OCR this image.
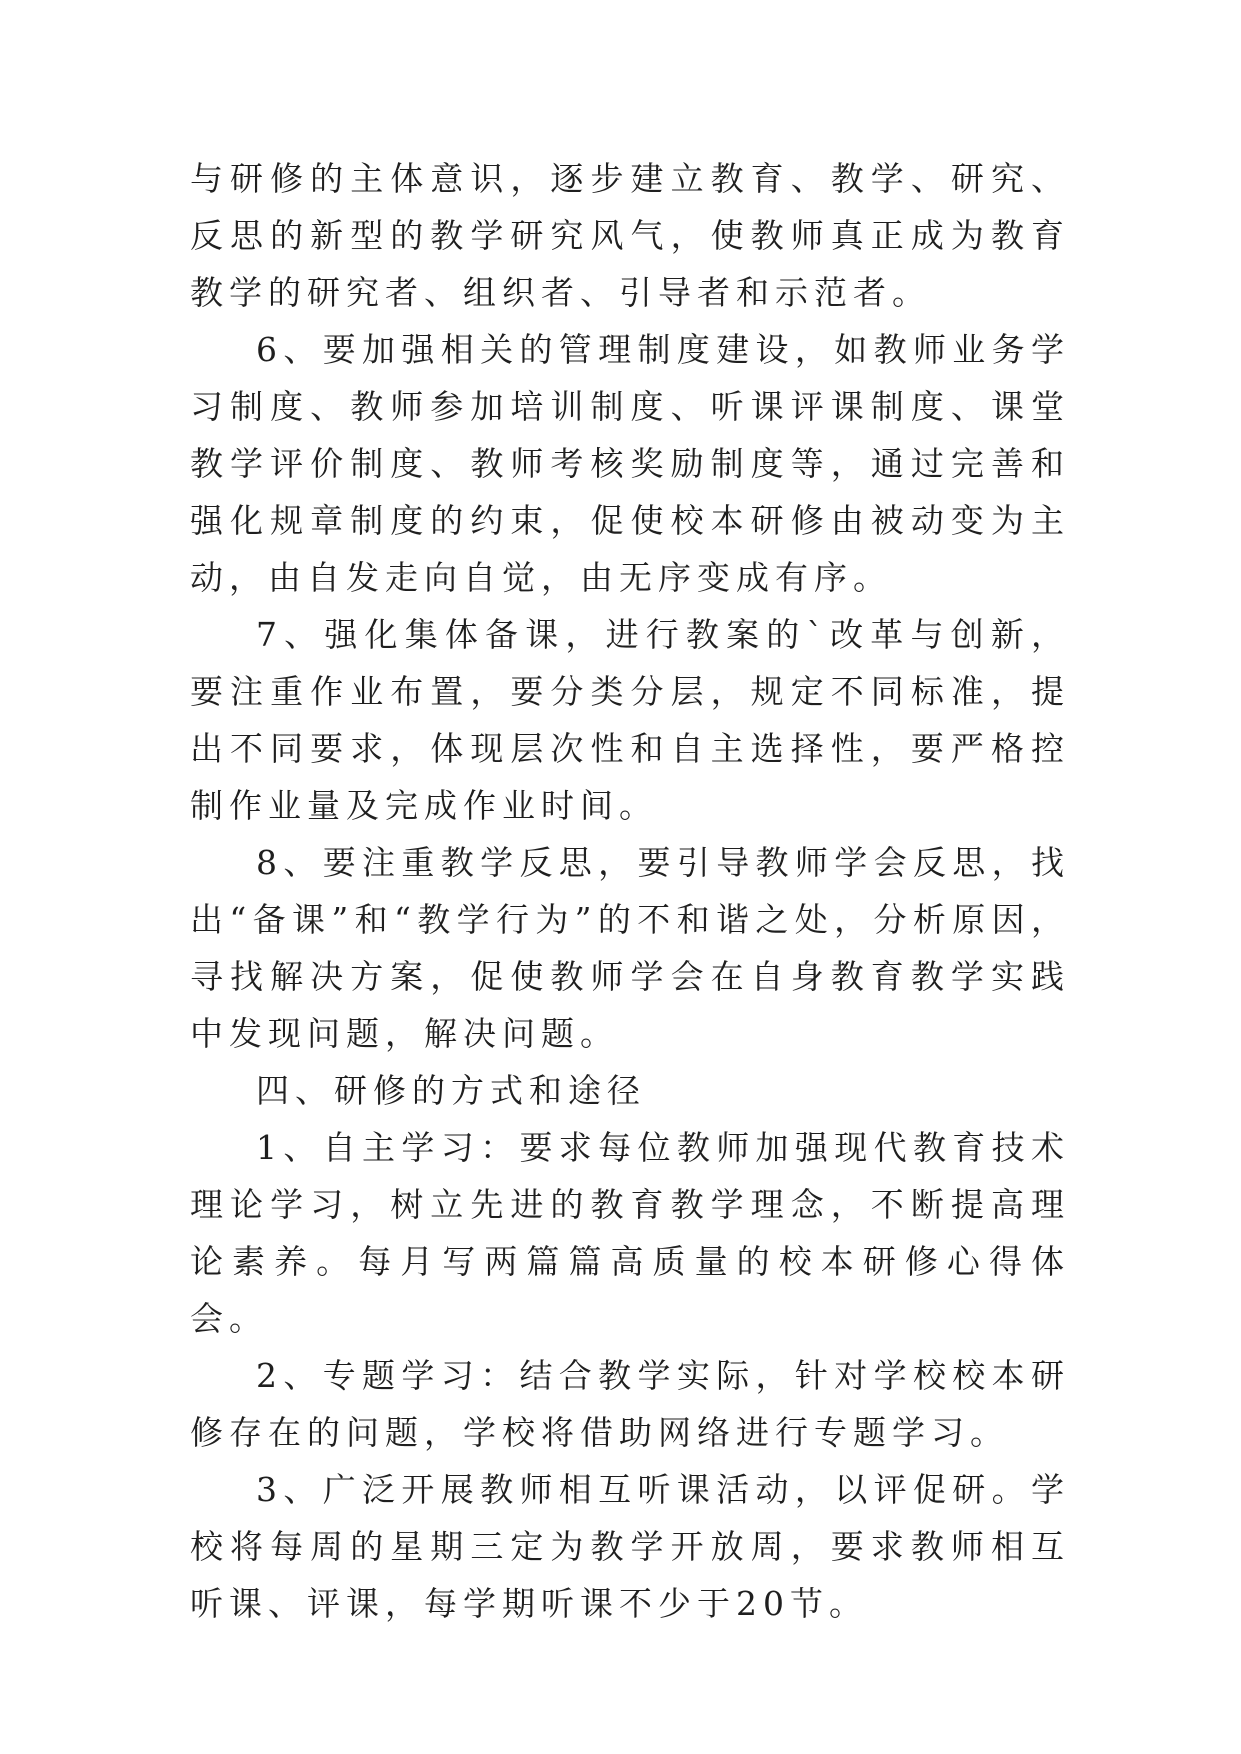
与研修的主体意识，逐步建立教育、教学、研究、反思的新型的教学研究风气，使教师真正成为教育教学的研究者、组织者、引导者和示范者。

6、要加强相关的管理制度建设，如教师业务学习制度、教师参加培训制度、听课评课制度、课堂教学评价制度、教师考核奖励制度等，通过完善和强化规章制度的约束，促使校本研修由被动变为主动，由自发走向自觉，由无序变成有序。

7、强化集体备课，进行教案的`改革与创新，要注重作业布置，要分类分层，规定不同标准，提出不同要求，体现层次性和自主选择性，要严格控制作业量及完成作业时间。

8、要注重教学反思，要引导教师学会反思，找出“备课”和“教学行为”的不和谐之处，分析原因，寻找解决方案，促使教师学会在自身教育教学实践中发现问题，解决问题。

四、研修的方式和途径

1、自主学习：要求每位教师加强现代教育技术理论学习，树立先进的教育教学理念，不断提高理论素养。每月写两篇篇高质量的校本研修心得体会。

2、专题学习：结合教学实际，针对学校校本研修存在的问题，学校将借助网络进行专题学习。

3、广泛开展教师相互听课活动，以评促研。学校将每周的星期三定为教学开放周，要求教师相互听课、评课，每学期听课不少于20节。
